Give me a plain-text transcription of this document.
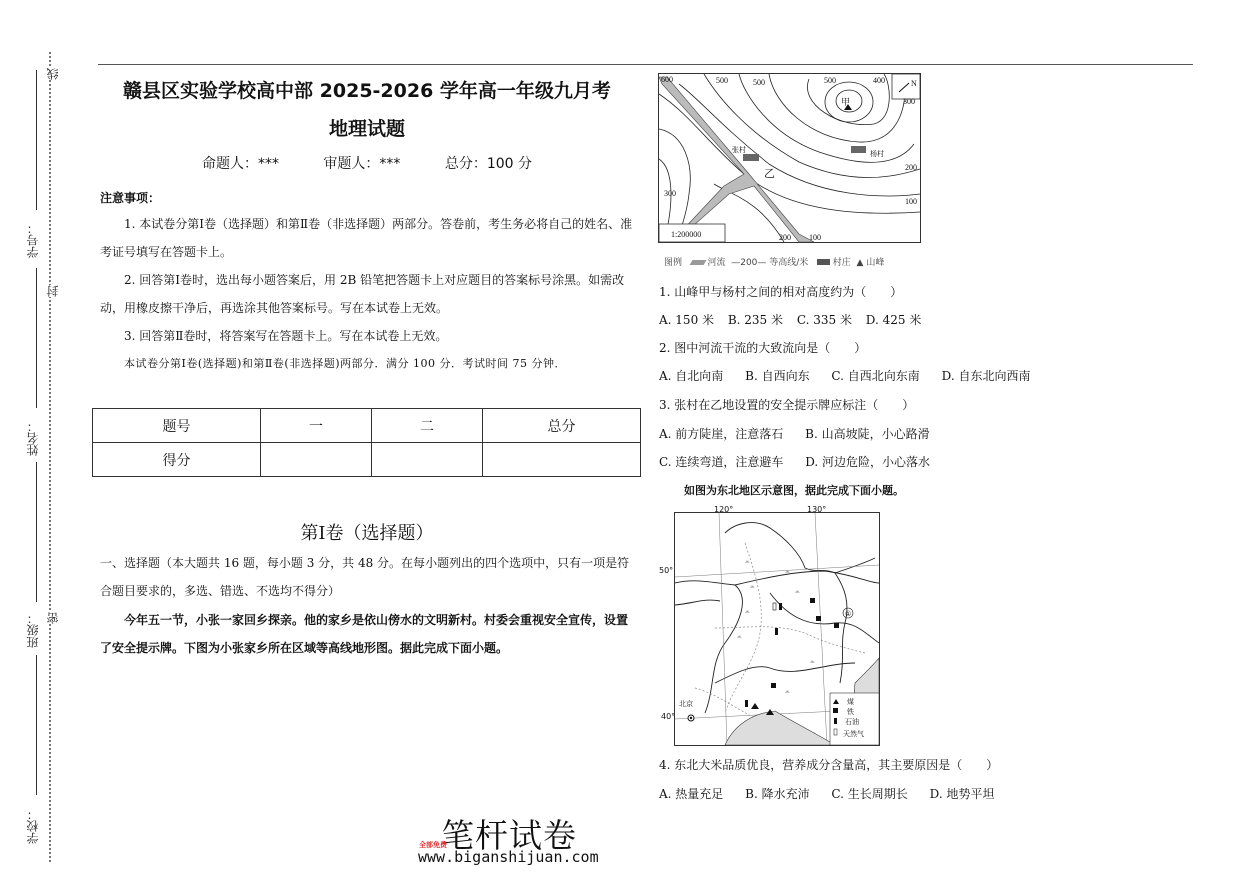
学号：
姓名：
班级：
学校：
线
封
密
赣县区实验学校高中部 2025-2026 学年高一年级九月考
地理试题
命题人：***	审题人：***	总分：100 分
注意事项：
1. 本试卷分第Ⅰ卷（选择题）和第Ⅱ卷（非选择题）两部分。答卷前，考生务必将自己的姓名、准考证号填写在答题卡上。
2. 回答第Ⅰ卷时，选出每小题答案后，用 2B 铅笔把答题卡上对应题目的答案标号涂黑。如需改动，用橡皮擦干净后，再选涂其他答案标号。写在本试卷上无效。
3. 回答第Ⅱ卷时，将答案写在答题卡上。写在本试卷上无效。
本试卷分第Ⅰ卷(选择题)和第Ⅱ卷(非选择题)两部分．满分 100 分．考试时间 75 分钟．
题号	一	二	总分
得分			
第Ⅰ卷（选择题）
一、选择题（本大题共 16 题，每小题 3 分，共 48 分。在每小题列出的四个选项中，只有一项是符合题目要求的，多选、错选、不选均不得分）
今年五一节，小张一家回乡探亲。他的家乡是依山傍水的文明新村。村委会重视安全宣传，设置了安全提示牌。下图为小张家乡所在区域等高线地形图。据此完成下面小题。
600	500	500	500	400
300
200
100
300
200 100
1:200000
N
甲
张村	杨村
乙
图例	河流 —200— 等高线/米	村庄 ▲ 山峰
1. 山峰甲与杨村之间的相对高度约为（　　）
A. 150 米 B. 235 米 C. 335 米 D. 425 米
2. 图中河流干流的大致流向是（　　）
A. 自北向南 B. 自西向东 C. 自西北向东南 D. 自东北向西南
3. 张村在乙地设置的安全提示牌应标注（　　）
A. 前方陡崖，注意落石 B. 山高坡陡，小心路滑
C. 连续弯道，注意避车 D. 河边危险，小心落水
如图为东北地区示意图，据此完成下面小题。
⩕
⩕
⩕
⩕
⩕
⩕
⩕
⩕
煤
铁
石油
天然气
①
北京
120°	130°
50°
40°
4. 东北大米品质优良，营养成分含量高，其主要原因是（　　）
A. 热量充足 B. 降水充沛 C. 生长周期长 D. 地势平坦
笔杆试卷
全部免费
www.biganshijuan.com
